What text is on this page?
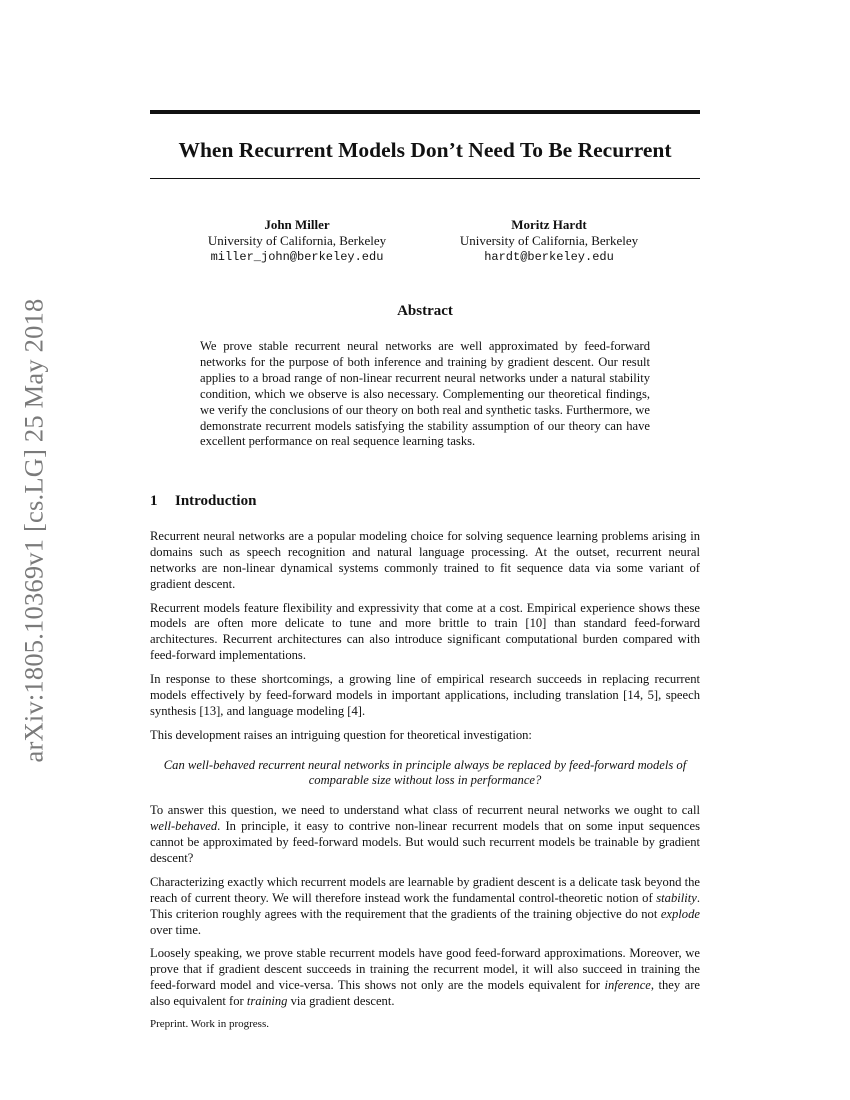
arXiv:1805.10369v1 [cs.LG] 25 May 2018
When Recurrent Models Don’t Need To Be Recurrent
John Miller
University of California, Berkeley
miller_john@berkeley.edu
Moritz Hardt
University of California, Berkeley
hardt@berkeley.edu
Abstract

We prove stable recurrent neural networks are well approximated by feed-forward networks for the purpose of both inference and training by gradient descent. Our result applies to a broad range of non-linear recurrent neural networks under a natural stability condition, which we observe is also necessary. Complementing our theoretical findings, we verify the conclusions of our theory on both real and synthetic tasks. Furthermore, we demonstrate recurrent models satisfying the stability assumption of our theory can have excellent performance on real sequence learning tasks.

1 Introduction

Recurrent neural networks are a popular modeling choice for solving sequence learning problems arising in domains such as speech recognition and natural language processing. At the outset, recurrent neural networks are non-linear dynamical systems commonly trained to fit sequence data via some variant of gradient descent.

Recurrent models feature flexibility and expressivity that come at a cost. Empirical experience shows these models are often more delicate to tune and more brittle to train [10] than standard feed-forward architectures. Recurrent architectures can also introduce significant computational burden compared with feed-forward implementations.

In response to these shortcomings, a growing line of empirical research succeeds in replacing recurrent models effectively by feed-forward models in important applications, including translation [14, 5], speech synthesis [13], and language modeling [4].

This development raises an intriguing question for theoretical investigation:

Can well-behaved recurrent neural networks in principle always be replaced by feed-forward models of comparable size without loss in performance?

To answer this question, we need to understand what class of recurrent neural networks we ought to call well-behaved. In principle, it easy to contrive non-linear recurrent models that on some input sequences cannot be approximated by feed-forward models. But would such recurrent models be trainable by gradient descent?

Characterizing exactly which recurrent models are learnable by gradient descent is a delicate task beyond the reach of current theory. We will therefore instead work the fundamental control-theoretic notion of stability. This criterion roughly agrees with the requirement that the gradients of the training objective do not explode over time.

Loosely speaking, we prove stable recurrent models have good feed-forward approximations. Moreover, we prove that if gradient descent succeeds in training the recurrent model, it will also succeed in training the feed-forward model and vice-versa. This shows not only are the models equivalent for inference, they are also equivalent for training via gradient descent.

Preprint. Work in progress.
